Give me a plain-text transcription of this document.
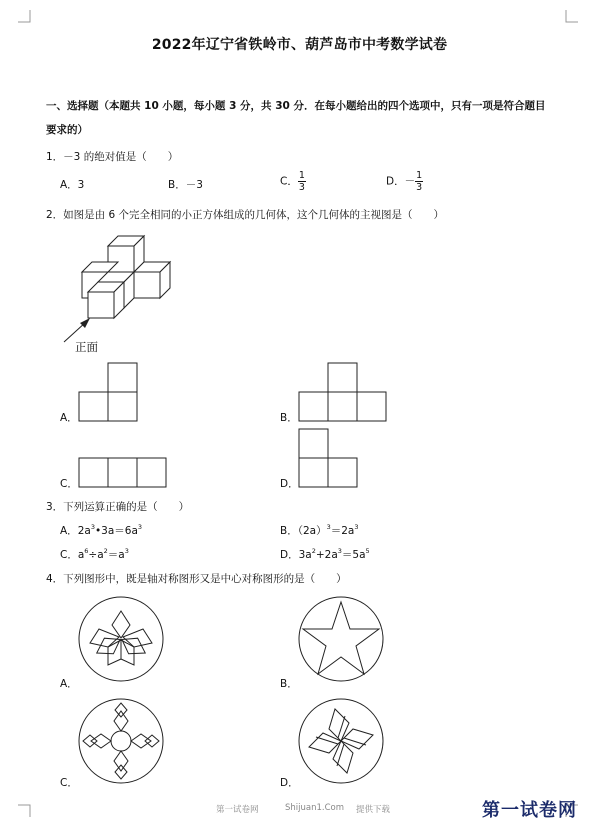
2022年辽宁省铁岭市、葫芦岛市中考数学试卷
一、选择题（本题共 10 小题，每小题 3 分，共 30 分．在每小题给出的四个选项中，只有一项是符合题目
要求的）
1．－3 的绝对值是（　　）
A．3	B．－3	C． $\frac{1}{3}$	D．－ $\frac{1}{3}$
2．如图是由 6 个完全相同的小正方体组成的几何体，这个几何体的主视图是（　　）
正面
A．	B．
C．	D．
3．下列运算正确的是（　　）
A．$2a^3•3a=6a^3$	B．$(2a)^3=2a^3$
C．$a^6\div a^2=a^3$	D．$3a^2+2a^3=5a^5$
4．下列图形中，既是轴对称图形又是中心对称图形的是（　　）
A．	B．
C．	D．
第一试卷网	Shijuan1.Com 提供下载	第一试卷网
